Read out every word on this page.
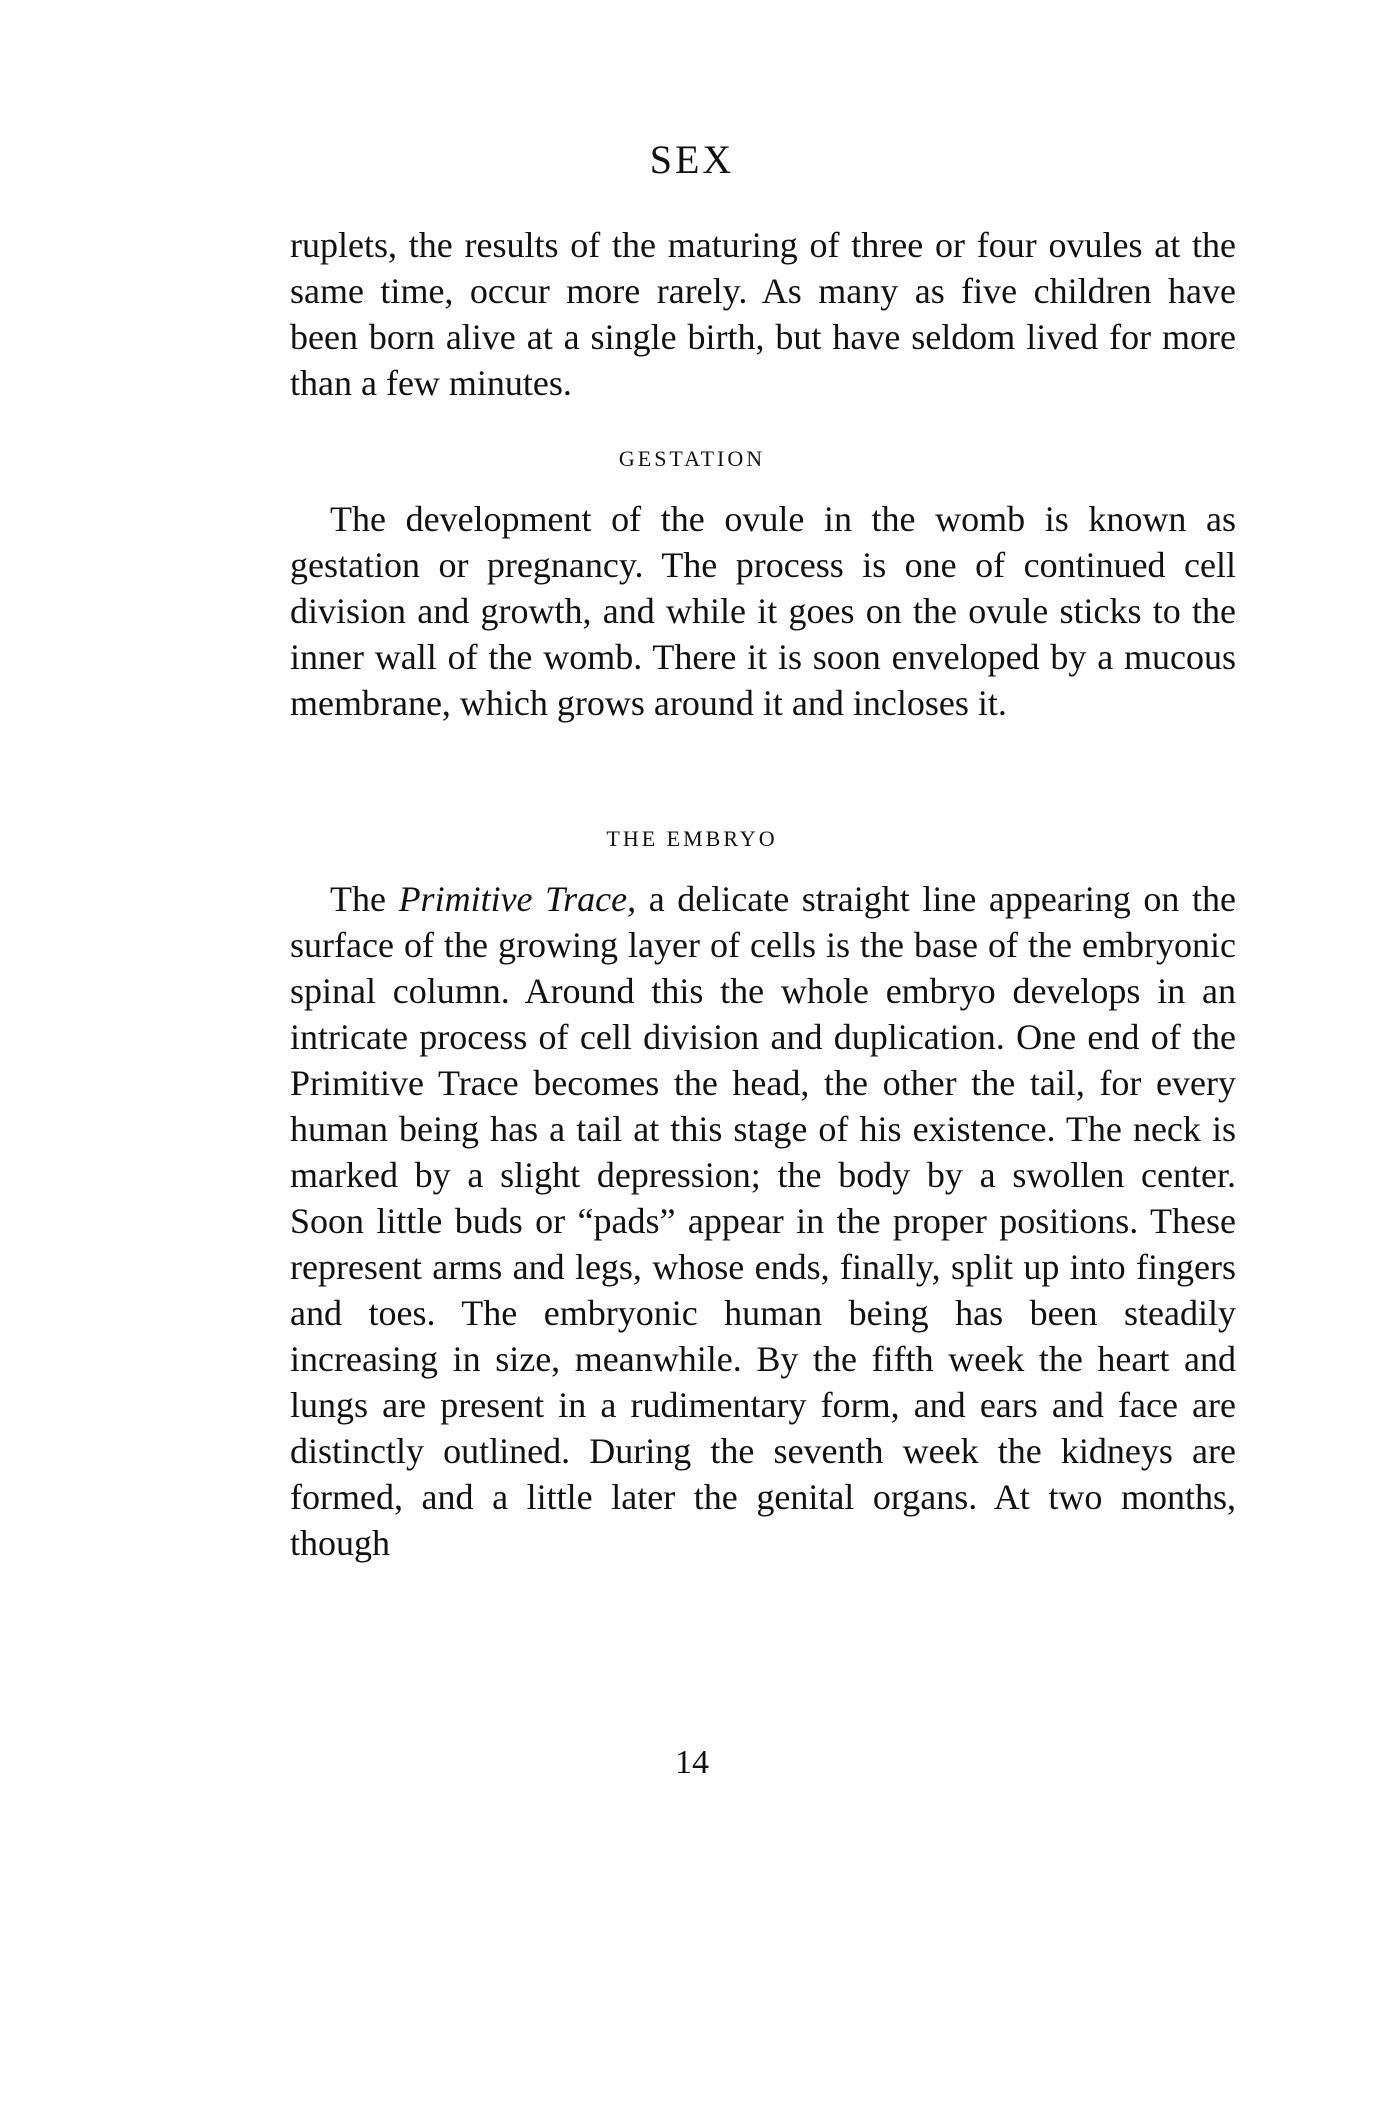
SEX

ruplets, the results of the maturing of three or four ovules at the same time, occur more rarely. As many as five children have been born alive at a single birth, but have seldom lived for more than a few minutes.

GESTATION

The development of the ovule in the womb is known as gestation or pregnancy. The process is one of continued cell division and growth, and while it goes on the ovule sticks to the inner wall of the womb. There it is soon enveloped by a mucous membrane, which grows around it and incloses it.

THE EMBRYO

The Primitive Trace, a delicate straight line appearing on the surface of the growing layer of cells is the base of the embryonic spinal column. Around this the whole embryo develops in an intricate process of cell division and duplication. One end of the Primitive Trace becomes the head, the other the tail, for every human being has a tail at this stage of his existence. The neck is marked by a slight depression; the body by a swollen center. Soon little buds or “pads” appear in the proper positions. These represent arms and legs, whose ends, finally, split up into fingers and toes. The embryonic human being has been steadily increasing in size, meanwhile. By the fifth week the heart and lungs are present in a rudimentary form, and ears and face are distinctly outlined. During the seventh week the kidneys are formed, and a little later the genital organs. At two months, though

14
